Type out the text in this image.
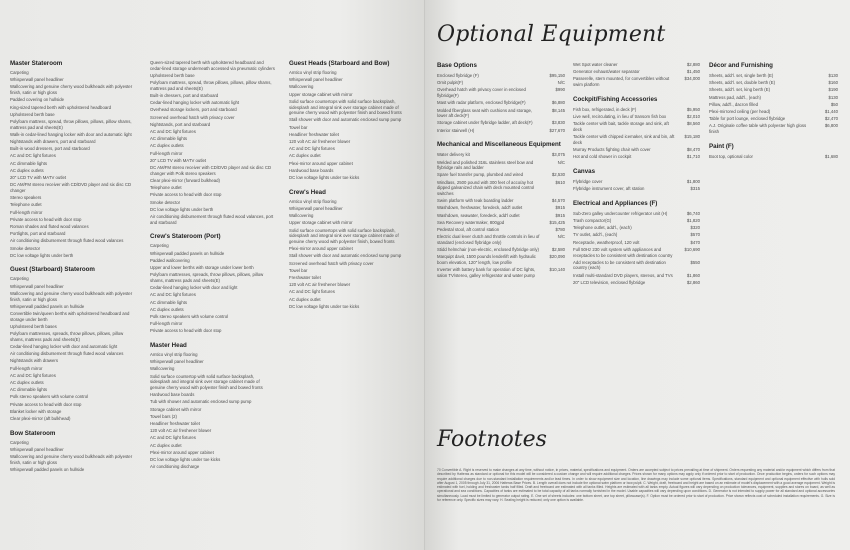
Master Stateroom
Carpeting
Whisperwall panel headliner
Wallcovering and genuine cherry wood bulkheads with polyester finish, satin or high gloss
Padded covering on hullside
King-sized tapered berth with upholstered headboard
Upholstered berth base
Polyfoam mattress, spread, throw pillows, pillows, pillow shams, mattress pad and sheets(E)
Walk-in cedar-lined hanging locker with door and automatic light
Nightstands with drawers, port and starboard
Built-in wood dressers, port and starboard
AC and DC light fixtures
AC dimmable lights
AC duplex outlets
20" LCD TV with MATV outlet
DC AM/FM stereo receiver with CD/DVD player and six disc CD changer
Stereo speakers
Telephone outlet
Full-length mirror
Private access to head with door stop
Roman shades and fluted wood valances
Portlights, port and starboard
Air conditioning disbursement through fluted wood valances
Smoke detector
DC low voltage lights under berth
Guest (Starboard) Stateroom
Carpeting
Whisperwall panel headliner
Wallcovering and genuine cherry wood bulkheads with polyester finish, satin or high gloss
Whisperwall padded panels on hullside
Convertible twin/queen berths with upholstered headboard and storage under berth
Upholstered berth bases
Polyfoam mattresses, spreads, throw pillows, pillows, pillow shams, mattress pads and sheets(E)
Cedar-lined hanging locker with door and automatic light
Air conditioning disbursement through fluted wood valances
Nightstands with drawers
Full-length mirror
AC and DC light fixtures
AC duplex outlets
AC dimmable lights
Polk stereo speakers with volume control
Private access to head with door stop
Blanket locker with storage
Clear plexi-mirror (aft bulkhead)
Bow Stateroom
Carpeting
Whisperwall panel headliner
Wallcovering and genuine cherry wood bulkheads with polyester finish, satin or high gloss
Whisperwall padded panels on hullside
Queen-sized tapered berth with upholstered headboard and cedar-lined storage underneath accessed via pneumatic cylinders
Upholstered berth base
Polyfoam mattress, spread, throw pillows, pillows, pillow shams, mattress pad and sheets(E)
Built-in dressers, port and starboard
Cedar-lined hanging locker with automatic light
Overhead storage lockers, port and starboard
Screened overhead hatch with privacy cover
Nightstands, port and starboard
AC and DC light fixtures
AC dimmable lights
AC duplex outlets
Full-length mirror
20" LCD TV with MATV outlet
DC AM/FM stereo receiver with CD/DVD player and six disc CD changer with Polk stereo speakers
Clear plexi-mirror (forward bulkhead)
Telephone outlet
Private access to head with door stop
Smoke detector
DC low voltage lights under berth
Air conditioning disbursement through fluted wood valances, port and starboard
Crew's Stateroom (Port)
Carpeting
Whisperwall padded panels on hullside
Padded wallcovering
Upper and lower berths with storage under lower berth
Polyfoam mattresses, spreads, throw pillows, pillows, pillow shams, mattress pads and sheets(E)
Cedar-lined hanging locker with door and light
AC and DC light fixtures
AC dimmable lights
AC duplex outlets
Polk stereo speakers with volume control
Full-length mirror
Private access to head with door stop
Master Head
Amtico vinyl strip flooring
Whisperwall panel headliner
Wallcovering
Solid surface countertop with solid surface backsplash, sidesplash and integral sink over storage cabinet made of genuine cherry wood with polyester finish and bowed fronts
Hardwood base boards
Tub with shower and automatic enclosed sump pump
Storage cabinet with mirror
Towel bars (2)
Headliner freshwater toilet
120 volt AC air freshener blower
AC and DC light fixtures
AC duplex outlet
Plexi-mirror around upper cabinet
DC low voltage lights under toe kicks
Air conditioning discharge
Guest Heads (Starboard and Bow)
Amtico vinyl strip flooring
Whisperwall panel headliner
Wallcovering
Upper storage cabinet with mirror
Solid surface countertops with solid surface backsplash, sidesplash and integral sink over storage cabinet made of genuine cherry wood with polyester finish and bowed fronts
Stall shower with door and automatic enclosed sump pump
Towel bar
Headliner freshwater toilet
120 volt AC air freshener blower
AC and DC light fixtures
AC duplex outlet
Plexi-mirror around upper cabinet
Hardwood base boards
DC low voltage lights under toe kicks
Crew's Head
Amtico vinyl strip flooring
Whisperwall panel headliner
Wallcovering
Upper storage cabinet with mirror
Solid surface countertops with solid surface backsplash, sidesplash and integral sink over storage cabinet made of genuine cherry wood with polyester finish, bowed fronts
Plexi-mirror around upper cabinet
Stall shower with door and automatic enclosed sump pump
Screened overhead hatch with privacy cover
Towel bar
Freshwater toilet
120 volt AC air freshener blower
AC and DC light fixtures
AC duplex outlet
DC low voltage lights under toe kicks
Optional Equipment
Base Options
Enclosed flybridge (F)	$95,150
Omit pulpit(F)	N/C
Overhead hatch with privacy cover in enclosed flybridge(F)
$990
Mast with radar platform, enclosed flybridge(F)	$6,880
Molded fiberglass seat with cushions and storage, lower aft deck(F)
$8,145
Storage cabinet under flybridge ladder, aft deck(F)	$3,830
Interior stairwell (H)	$27,670
Mechanical and Miscellaneous Equipment
Water delivery kit	$3,075
Welded and polished 316L stainless steel bow and flybridge rails and ladder
N/C
Spare fuel transfer pump, plumbed and wired	$2,530
Windlass, 2500 pound with 300 feet of acco/ay hot dipped galvanized chain with deck mounted control switches
$610
Swim platform with teak boarding ladder	$4,570
Washdown, freshwater, foredeck, add'l outlet	$915
Washdown, seawater, foredeck, add'l outlet	$915
Sea Recovery watermaker, 800gpd	$15,425
Pedestal stool, aft control station	$780
Electric dual lever clutch and throttle controls in lieu of standard (enclosed flybridge only)
N/C
Stidd helmchair (non-electric, enclosed flybridge only)	$2,580
Marquipt davit, 1500 pounds lenderlift with hydraulic boom elevation, 120" length, low profile
$20,090
Inverter with battery bank for operation of DC lights, salon TV/stereo, galley refrigerator and water pump
$10,140
Wet Spot water cleaner	$2,880
Generator exhaust/water separator	$1,450
Passerelle, stern mounted, for convertibles without swim platform
$34,000
Cockpit/Fishing Accessories
Fish box, refrigerated, in deck (F)	$5,950
Live well, recirculating, in lieu of transom fish box	$2,010
Tackle center with bait, tackle storage and sink, aft deck
$8,560
Tackle center with chipped icemaker, sink and bin, aft deck
$15,180
Murray Products fighting chair with cover	$8,470
Hot and cold shower in cockpit	$1,710
Canvas
Flybridge cover	$1,800
Flybridge instrument cover, aft station	$315
Electrical and Appliances (F)
Sub-Zero galley undercounter refrigerator unit (H)	$6,740
Trash compactor(G)	$1,820
Telephone outlet, add'l., (each)	$320
TV outlet, add'l., (each)	$570
Receptacle, weatherproof, 120 volt	$470
Full 50Hz 230 volt system with appliances and receptacles to be consistent with destination country
$10,690
Add receptacles to be consistent with destination country (each)
$550
Install multi-standard DVD players, stereos, and TVs	$1,860
20" LCD television, enclosed flybridge	$2,860
Décor and Furnishing
Sheets, add'l. set, single berth (E)	$130
Sheets, add'l. set, double berth (E)	$160
Sheets, add'l. set, king berth (E)	$190
Mattress pad, add'l., (each)	$130
Pillow, add'l., dacron filled	$50
Plexi-mirrored ceiling (per head)	$1,440
Table for port lounge, enclosed flybridge	$2,470
A.J. Originale coffee table with polyester high gloss finish
$6,800
Paint (F)
Boot top, optional color	$1,680
Footnotes
70 Convertible A. Right is reserved to make changes at any time, without notice, in prices, material, specifications and equipment. Orders are accepted subject to prices prevailing at time of shipment. Orders requesting any material and/or equipment which differs from that described by Hatteras as standard or optional for this model will be considered a custom change and will require additional charges. Prices shown for many options may apply only if ordered prior to start of production. Once production begins, orders for such options may require additional charges due to non-standard installation requirements and/or lead times. In order to show equipment size and location, line drawings may include some optional items. Specifications, standard equipment and optional equipment effective with hulls sold after August 1, 2005 through July 31, 2006 Hatteras Base Prices. B. Length overall does not include the optional swim platform or bow pulpit. C. Weight, draft, freeboard and height are based on an estimate of model's displacement with a good average equipment. Weight is estimated with fuel, holding and freshwater tanks half filled. Draft and freeboard are estimated with all tanks filled. Heights are estimated with all tanks empty. Actual figures will vary depending on production tolerances, equipment, supplies and stores on board, as well as operational and sea conditions. Capacities of tanks are estimated to be total capacity of all tanks normally furnished in the model. Usable capacities will vary depending upon conditions. D. Generator is not intended to supply power for all standard and optional accessories simultaneously. Load must be limited to generator output rating. E. One set of sheets includes: one bottom sheet, one top sheet, pillowcase(s). F. Option must be ordered prior to start of production. Price shown reflects cost of scheduled installation requirements. G. Size is for reference only. Specific sizes may vary. H. Seating height is reduced; only one option is available.
